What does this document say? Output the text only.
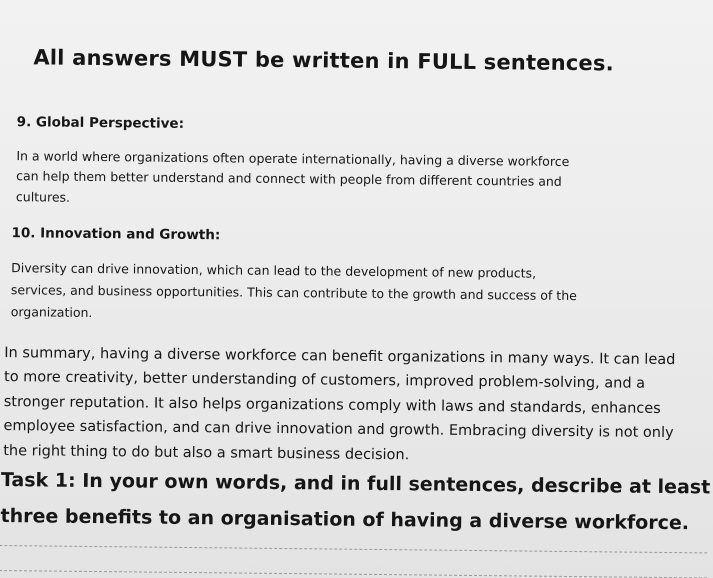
All answers MUST be written in FULL sentences.

9. Global Perspective:

In a world where organizations often operate internationally, having a diverse workforce

can help them better understand and connect with people from different countries and

cultures.

10. Innovation and Growth:

Diversity can drive innovation, which can lead to the development of new products,

services, and business opportunities. This can contribute to the growth and success of the

organization.

In summary, having a diverse workforce can benefit organizations in many ways. It can lead

to more creativity, better understanding of customers, improved problem-solving, and a

stronger reputation. It also helps organizations comply with laws and standards, enhances

employee satisfaction, and can drive innovation and growth. Embracing diversity is not only

the right thing to do but also a smart business decision.

Task 1: In your own words, and in full sentences, describe at least

three benefits to an organisation of having a diverse workforce.
